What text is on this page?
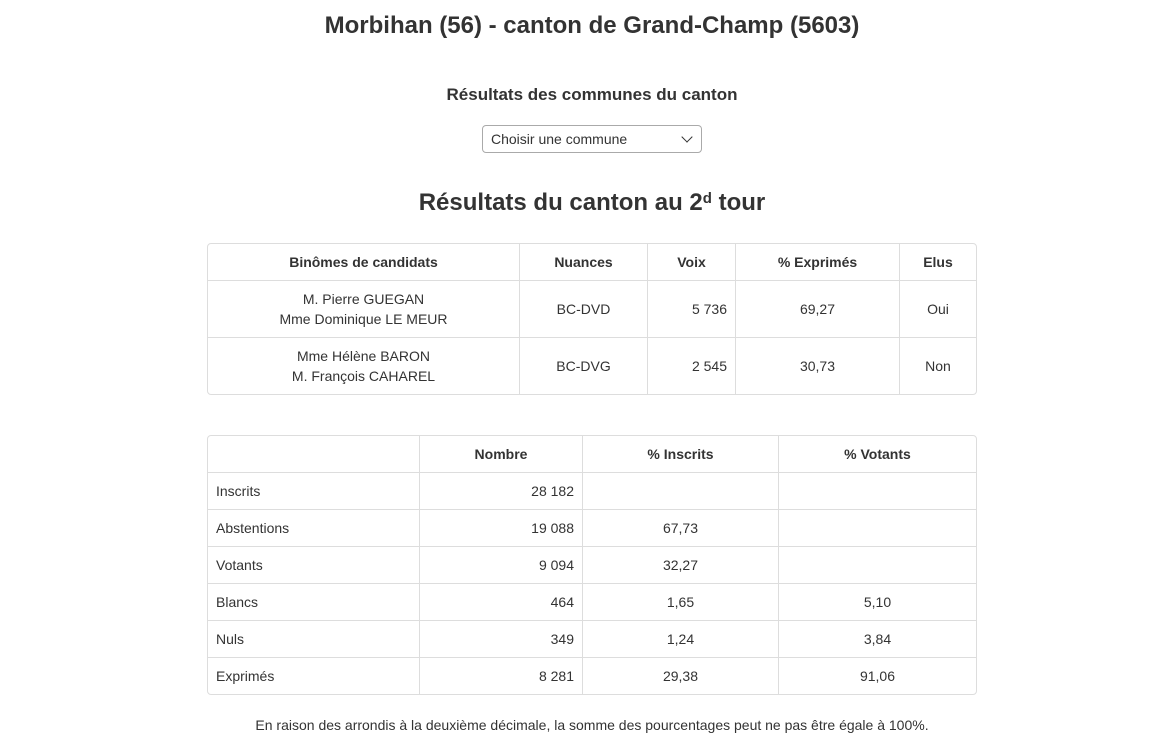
Morbihan (56) - canton de Grand-Champ (5603)
Résultats des communes du canton
Choisir une commune
Résultats du canton au 2$^d$ tour
Binômes de candidats	Nuances	Voix	% Exprimés	Elus

M. Pierre GUEGAN
Mme Dominique LE MEUR	BC-DVD	5 736	69,27	Oui

Mme Hélène BARON
M. François CAHAREL	BC-DVG	2 545	30,73	Non
	Nombre	% Inscrits	% Votants
Inscrits	28 182		
Abstentions	19 088	67,73	
Votants	9 094	32,27	
Blancs	464	1,65	5,10
Nuls	349	1,24	3,84
Exprimés	8 281	29,38	91,06

En raison des arrondis à la deuxième décimale, la somme des pourcentages peut ne pas être égale à 100%.
